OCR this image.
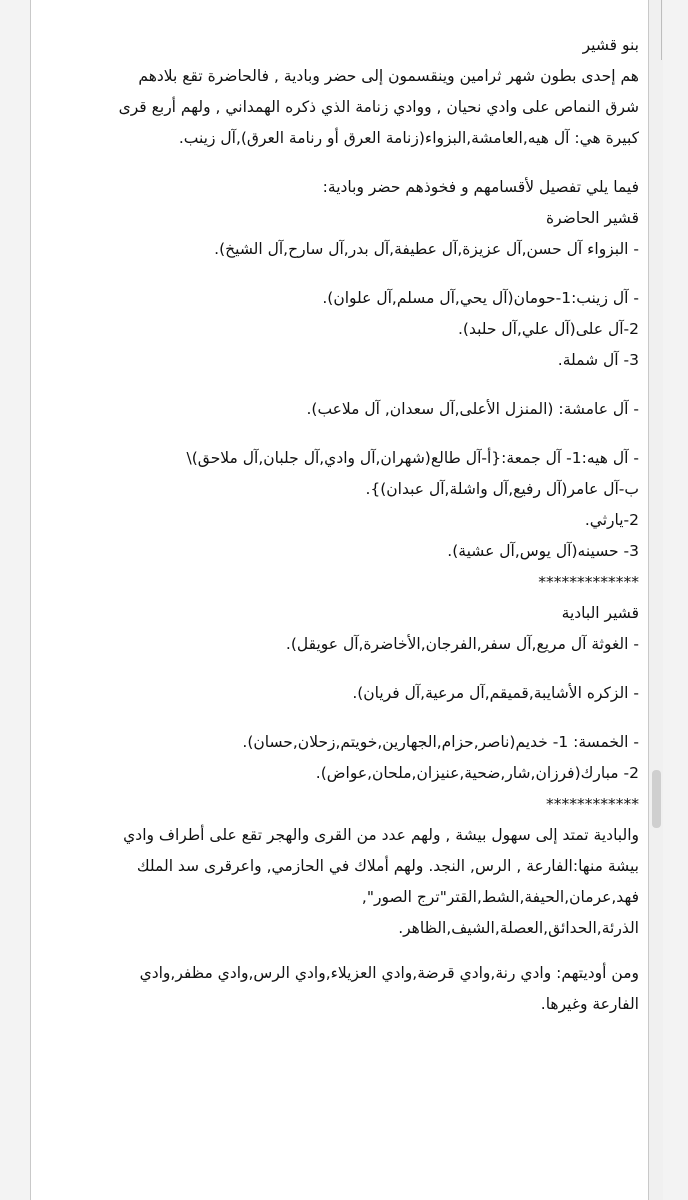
بنو قشير
هم إحدى بطون شهر ثرامين وينقسمون إلى حضر وبادية , فالحاضرة تقع بلادهم
شرق النماص على وادي نحيان , ووادي زنامة الذي ذكره الهمداني , ولهم أربع قرى
كبيرة هي: آل هيه,العامشة,البزواء(زنامة العرق أو رنامة العرق),آل زينب.
فيما يلي تفصيل لأقسامهم و فخوذهم حضر وبادية:
قشير الحاضرة
- البزواء آل حسن,آل عزيزة,آل عطيفة,آل بدر,آل سارح,آل الشيخ).
- آل زينب:1-حومان(آل يحي,آل مسلم,آل علوان).
2-آل على(آل علي,آل حلبد).
3- آل شملة.
- آل عامشة: (المنزل الأعلى,آل سعدان, آل ملاعب).
- آل هيه:1- آل جمعة:{أ-آل طالع(شهران,آل وادي,آل جلبان,آل ملاحق)\
ب-آل عامر(آل رفيع,آل واشلة,آل عبدان)}.
2-يارثي.
3- حسينه(آل يوس,آل عشية).
*************
قشير البادية
- الغوثة آل مريع,آل سفر,الفرجان,الأخاضرة,آل عويقل).
- الزكره الأشايبة,قميقم,آل مرعية,آل فريان).
- الخمسة: 1- خديم(ناصر,حزام,الجهارين,خويتم,زحلان,حسان).
2- مبارك(فرزان,شار,ضحية,عنيزان,ملحان,عواض).
************
والبادية تمتد إلى سهول بيشة , ولهم عدد من القرى والهجر تقع على أطراف وادي
بيشة منها:الفارعة , الرس, النجد. ولهم أملاك في الحازمي, واعرقرى سد الملك
فهد,عرمان,الحيفة,الشط,القتر"ترج الصور",
الذرئة,الحدائق,العصلة,الشيف,الظاهر.
ومن أوديتهم: وادي رنة,وادي قرضة,وادي العزيلاء,وادي الرس,وادي مظفر,وادي
الفارعة وغيرها.
